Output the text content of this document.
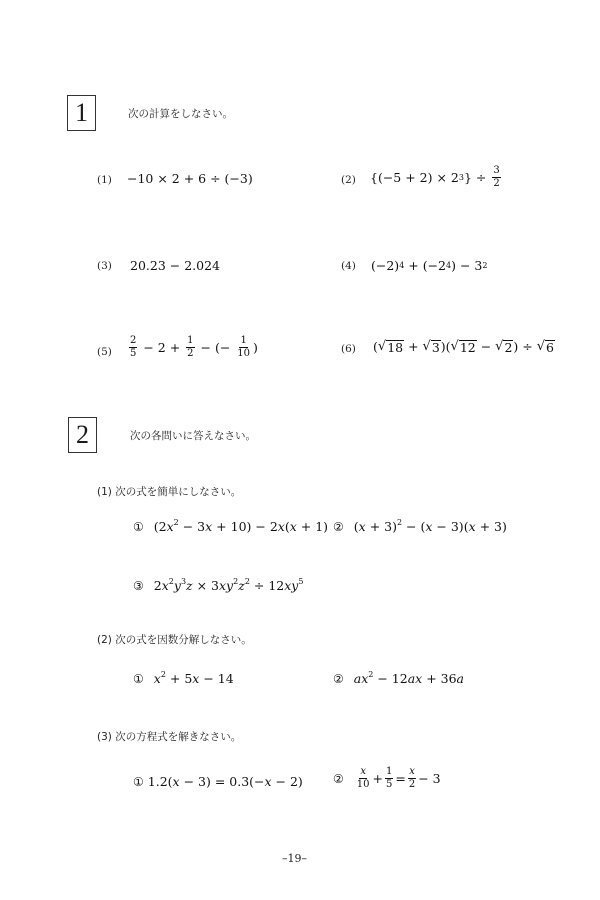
1	次の計算をしなさい。
(1) −10 × 2 + 6 ÷ (−3)	(2) {(−5 + 2) × 2 3 } ÷ $\frac{3}{2}$
(3) 20.23 − 2.024	(4) (−2) 4 + (−2 4 ) − 3 2
$(5) \frac{2}{5} - 2 + \frac{1}{2}$ − (− $\frac{1}{10}$ )	(6) ( √ 18 + √ 3 )( √ 12 − √ 2 ) ÷ √ 6
2	次の各問いに答えなさい。
(1) 次の式を簡単にしなさい。
① $(2x^2 - 3x + 10) - 2x(x + 1)$ ② $(x + 3)^2 - (x - 3)(x + 3)$
③ $2x^2y^3z \times 3xy^2z^2 \div 12xy^5$
(2) 次の式を因数分解しなさい。
① $x^2 + 5x - 14$	② $ax^2 - 12ax + 36a$
(3) 次の方程式を解きなさい。
① 1.2(x − 3) = 0.3(−x − 2)	② $\frac{x}{10} + \frac{1}{5} = \frac{x}{2} - 3$
–19–
